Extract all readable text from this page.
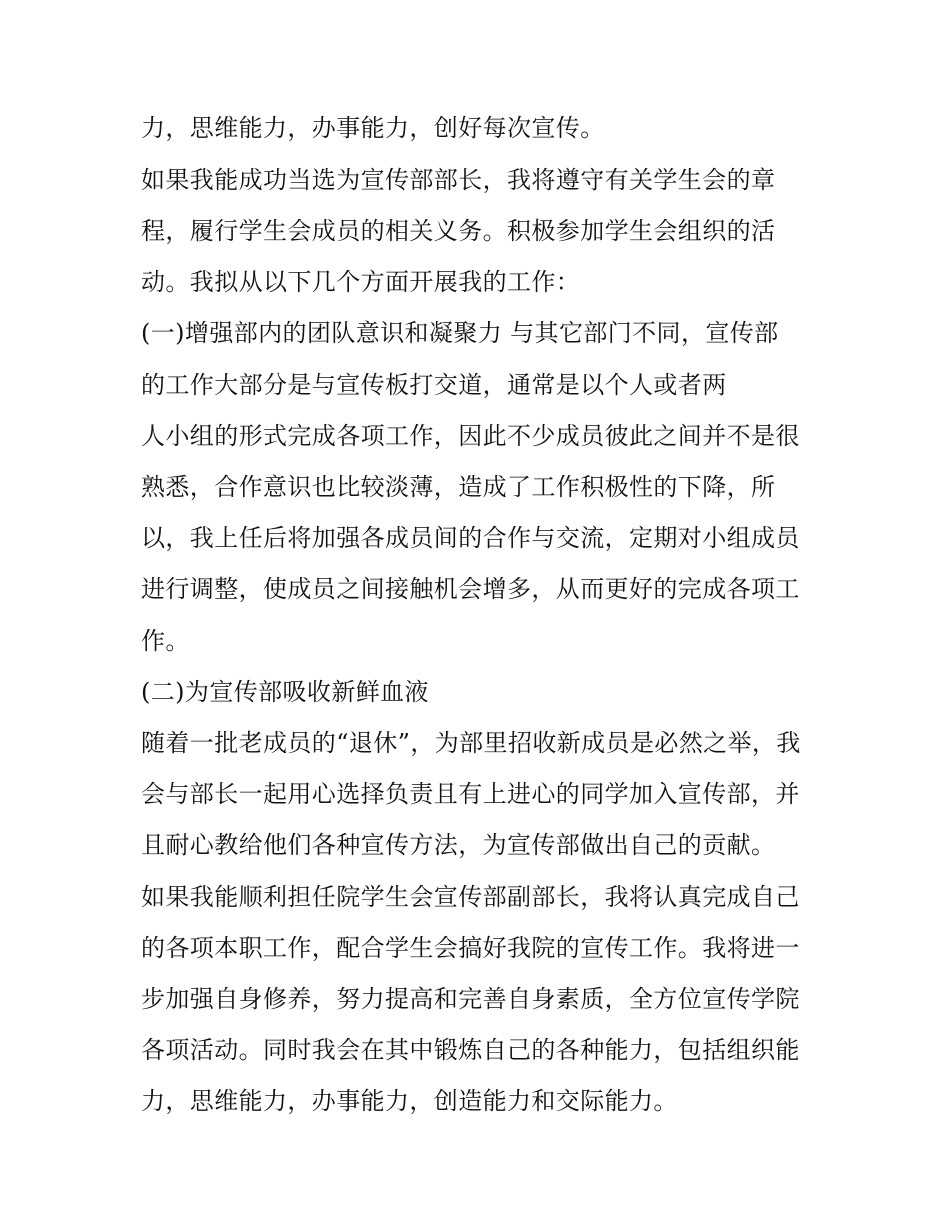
力，思维能力，办事能力，创好每次宣传。
如果我能成功当选为宣传部部长，我将遵守有关学生会的章
程，履行学生会成员的相关义务。积极参加学生会组织的活
动。我拟从以下几个方面开展我的工作：
(一)增强部内的团队意识和凝聚力 与其它部门不同，宣传部
的工作大部分是与宣传板打交道，通常是以个人或者两
人小组的形式完成各项工作，因此不少成员彼此之间并不是很
熟悉，合作意识也比较淡薄，造成了工作积极性的下降，所
以，我上任后将加强各成员间的合作与交流，定期对小组成员
进行调整，使成员之间接触机会增多，从而更好的完成各项工
作。
(二)为宣传部吸收新鲜血液
随着一批老成员的“退休”，为部里招收新成员是必然之举，我
会与部长一起用心选择负责且有上进心的同学加入宣传部，并
且耐心教给他们各种宣传方法，为宣传部做出自己的贡献。
如果我能顺利担任院学生会宣传部副部长，我将认真完成自己
的各项本职工作，配合学生会搞好我院的宣传工作。我将进一
步加强自身修养，努力提高和完善自身素质，全方位宣传学院
各项活动。同时我会在其中锻炼自己的各种能力，包括组织能
力，思维能力，办事能力，创造能力和交际能力。
